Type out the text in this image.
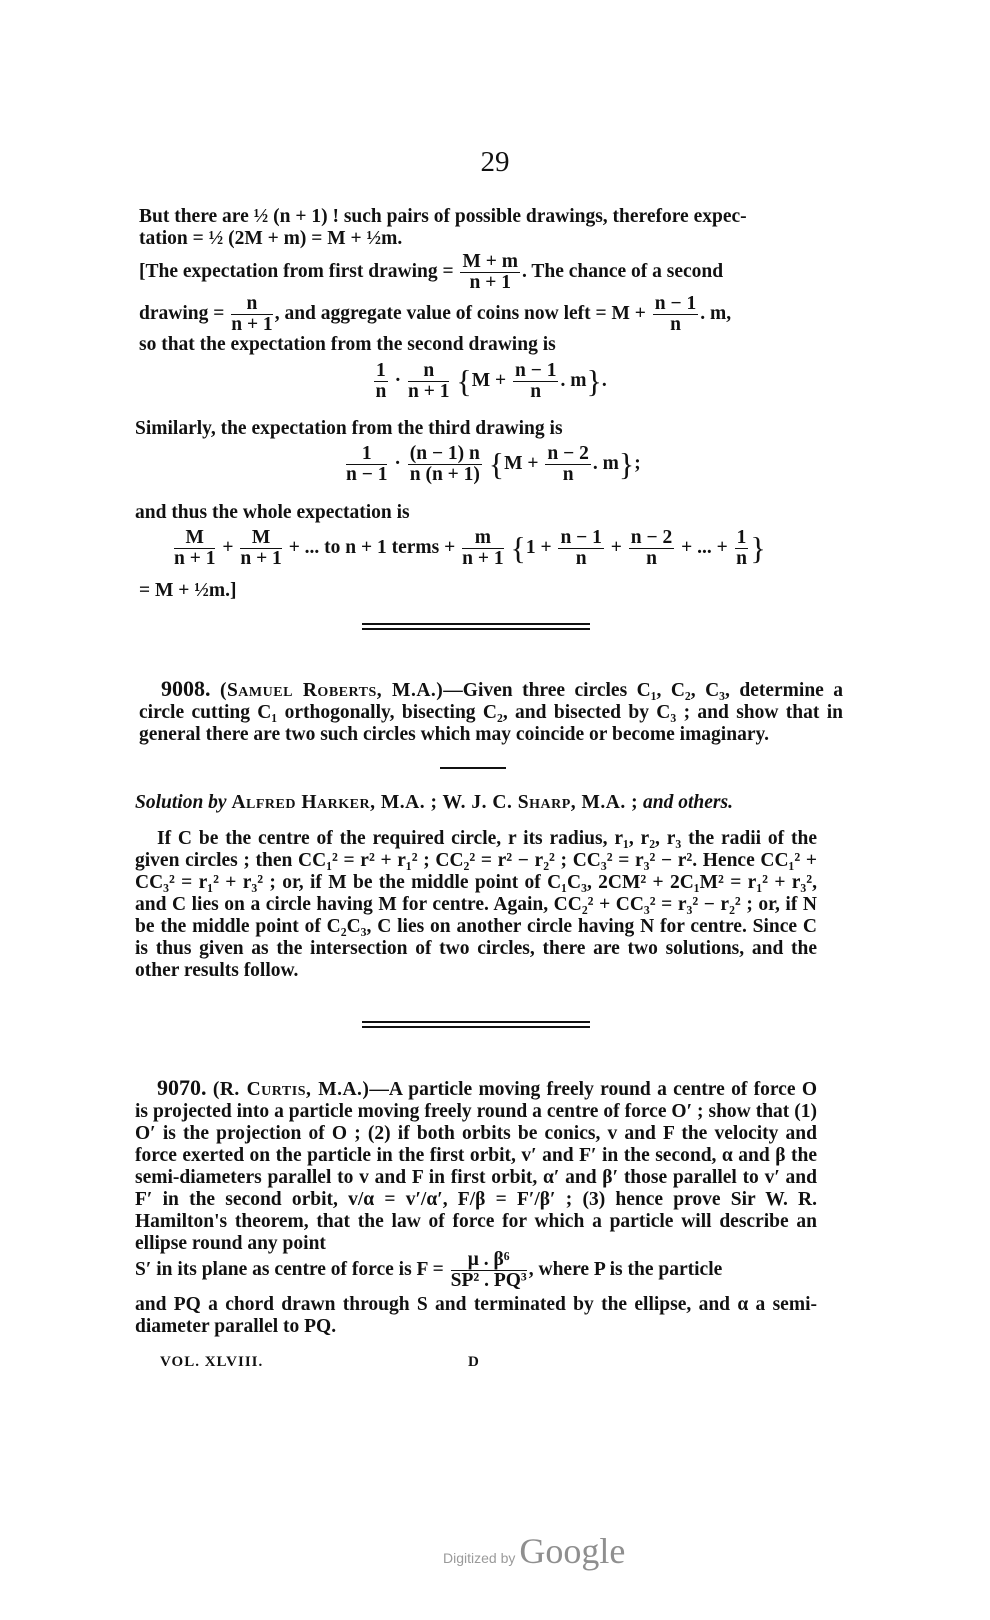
29
But there are ½ (n + 1) ! such pairs of possible drawings, therefore expec-
tation = ½ (2M + m) = M + ½m.
[The expectation from first drawing = $\frac{M + m}{n + 1}$ . The chance of a second
drawing = $\frac{n}{n + 1}$ , and aggregate value of coins now left = $M + \frac{n - 1}{n}$ . m,
so that the expectation from the second drawing is
$\frac{1}{n} \cdot \frac{n}{n + 1} \{M + \frac{n - 1}{n}$ . m}.
Similarly, the expectation from the third drawing is
$\frac{1}{n - 1} \cdot \frac{(n - 1) n}{n (n + 1)} \{M + \frac{n - 2}{n}$ . m};
and thus the whole expectation is
$\frac{M}{n + 1} + \frac{M}{n + 1}$ + ... to n + 1 terms + $\frac{m}{n + 1} \{1 + \frac{n - 1}{n} + \frac{n - 2}{n}$ + ... + $\frac{1}{n}$ }
= M + ½m.]
9008. (Samuel Roberts, M.A.)—Given three circles C₁, C₂, C₃, determine a circle cutting C₁ orthogonally, bisecting C₂, and bisected by C₃ ; and show that in general there are two such circles which may coincide or become imaginary.
Solution by Alfred Harker, M.A. ; W. J. C. Sharp, M.A. ; and others.
If C be the centre of the required circle, r its radius, r₁, r₂, r₃ the radii of the given circles ; then CC₁² = r² + r₁² ; CC₂² = r² − r₂² ; CC₃² = r₃² − r². Hence CC₁² + CC₃² = r₁² + r₃² ; or, if M be the middle point of C₁C₃, 2CM² + 2C₁M² = r₁² + r₃², and C lies on a circle having M for centre. Again, CC₂² + CC₃² = r₃² − r₂² ; or, if N be the middle point of C₂C₃, C lies on another circle having N for centre. Since C is thus given as the intersection of two circles, there are two solutions, and the other results follow.
9070. (R. Curtis, M.A.)—A particle moving freely round a centre of force O is projected into a particle moving freely round a centre of force O′ ; show that (1) O′ is the projection of O ; (2) if both orbits be conics, v and F the velocity and force exerted on the particle in the first orbit, v′ and F′ in the second, α and β the semi-diameters parallel to v and F in first orbit, α′ and β′ those parallel to v′ and F′ in the second orbit, v/α = v′/α′, F/β = F′/β′ ; (3) hence prove Sir W. R. Hamilton's theorem, that the law of force for which a particle will describe an ellipse round any point
S′ in its plane as centre of force is $F = \frac{\text{μ . β⁶}}{\text{SP² . PQ³}}$ , where P is the particle
and PQ a chord drawn through S and terminated by the ellipse, and α a semi-diameter parallel to PQ.
VOL. XLVIII.	D
Digitized by Google
